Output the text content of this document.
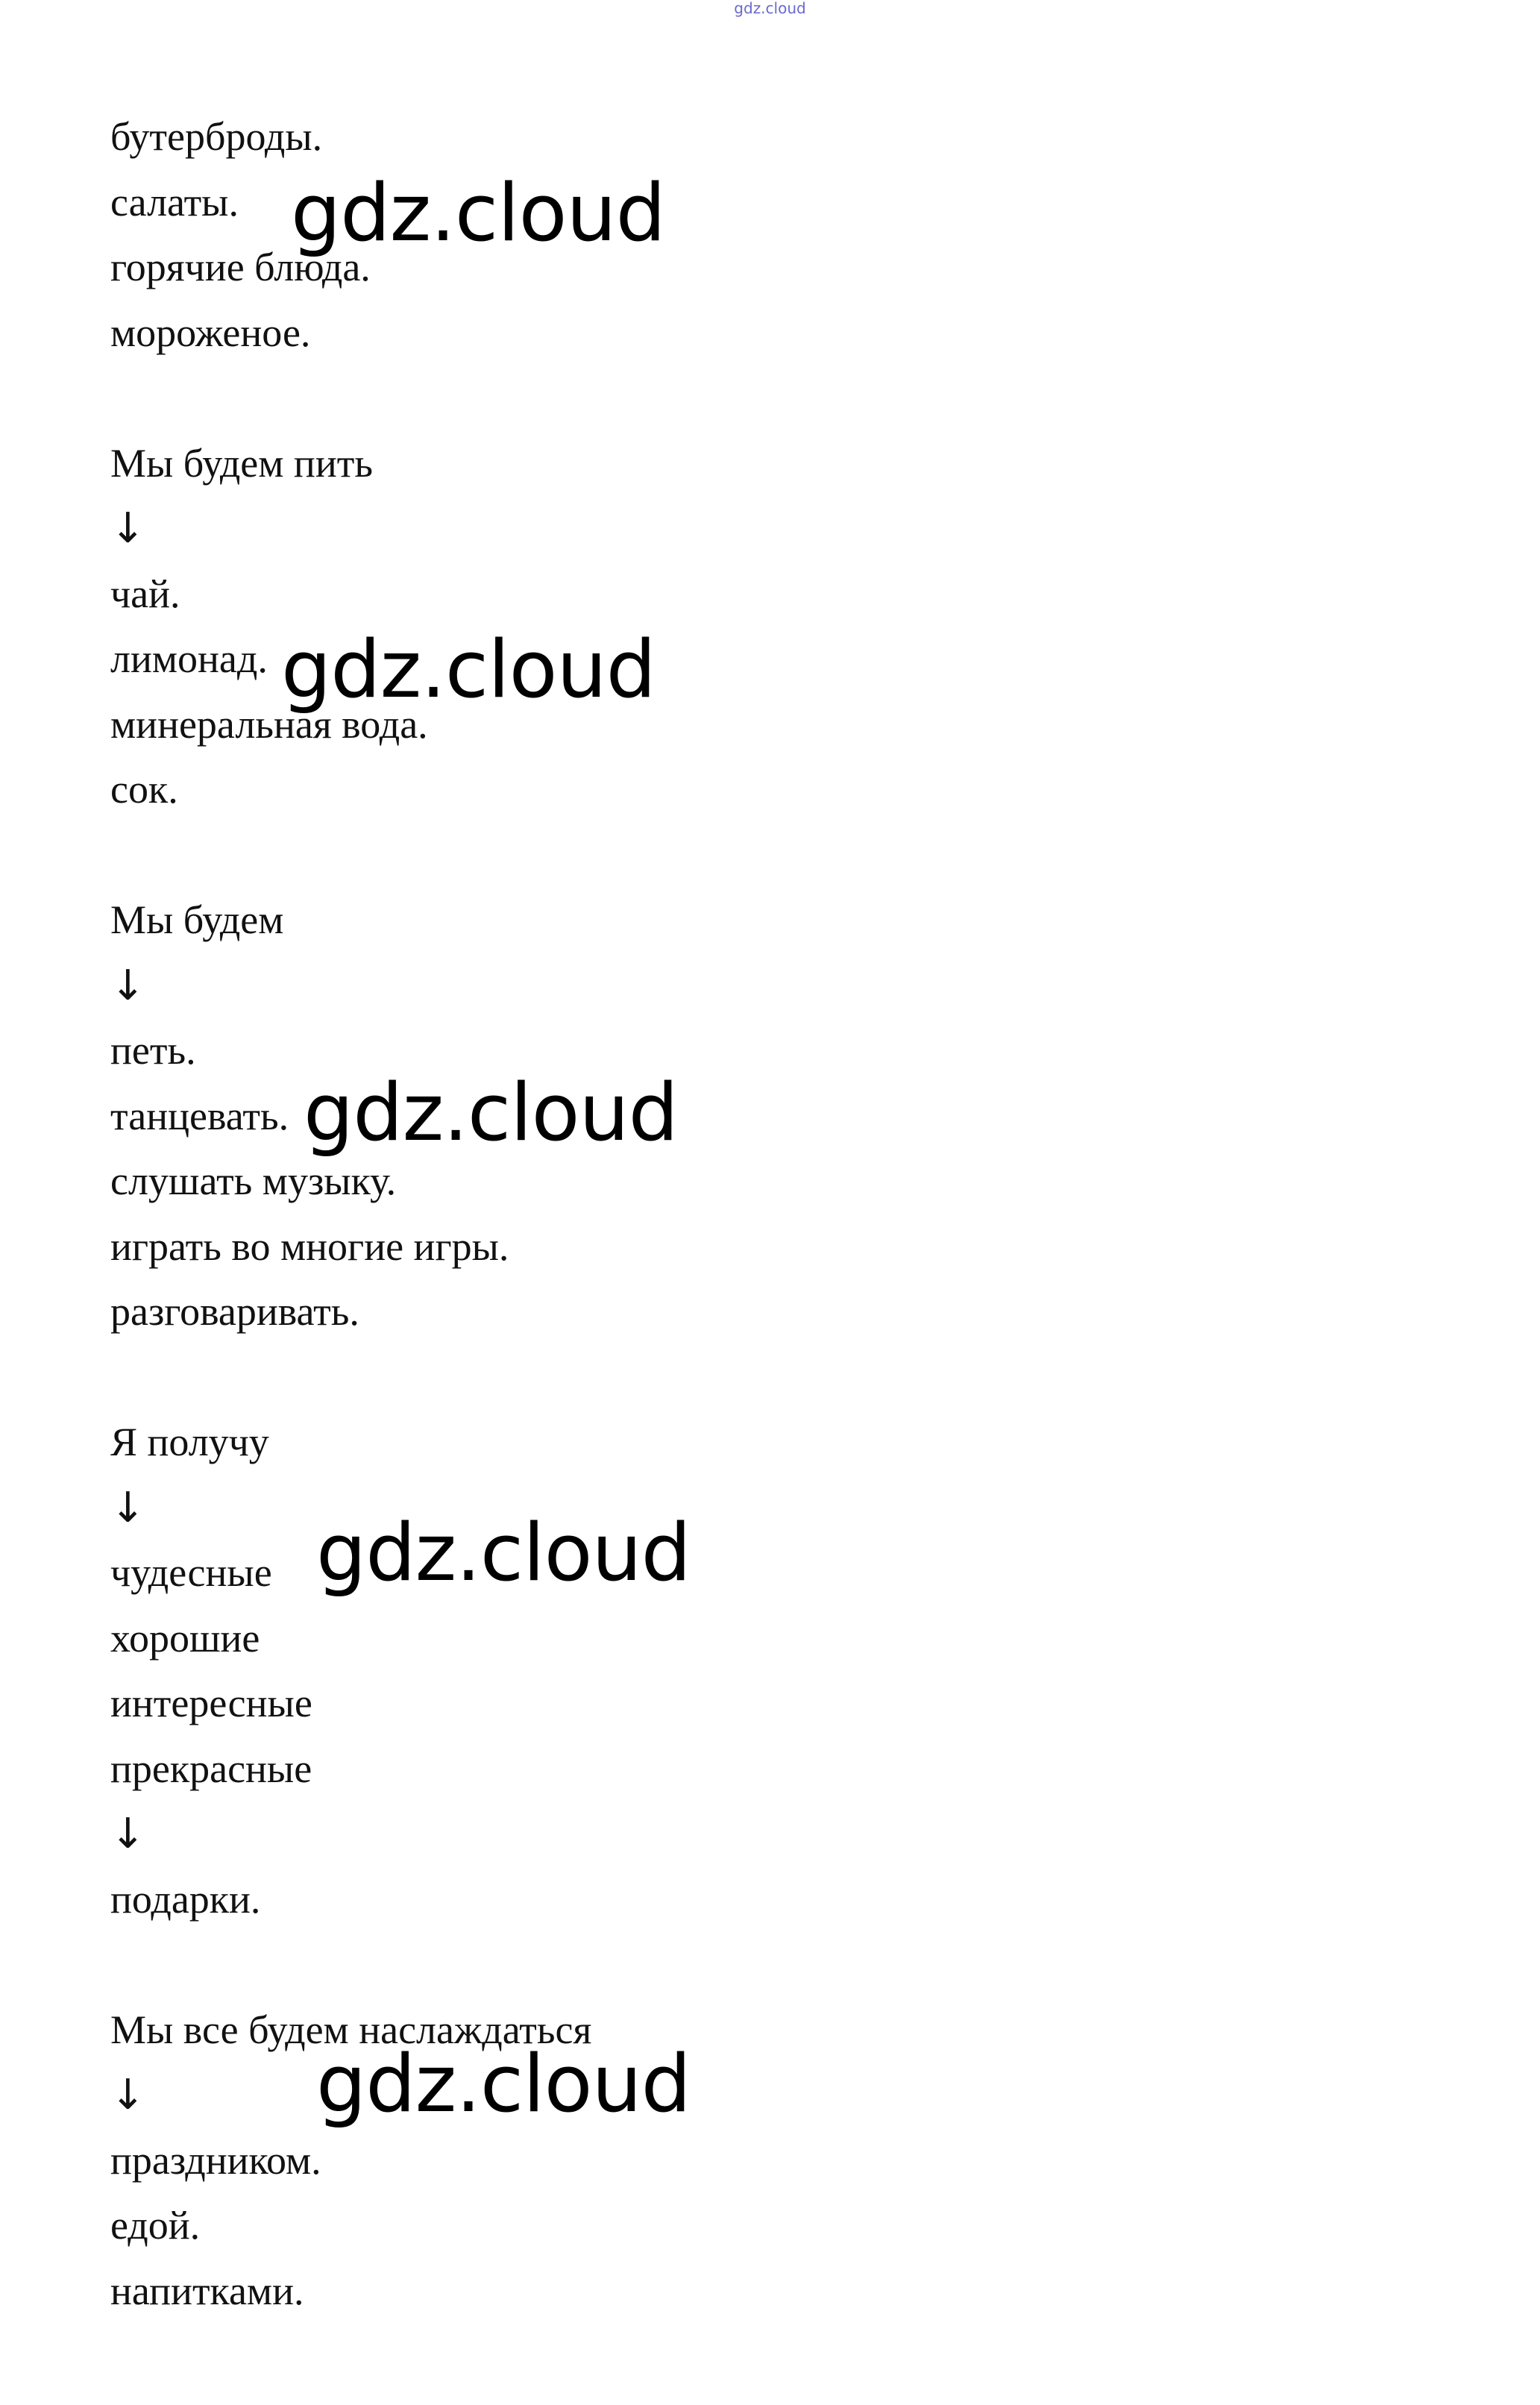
gdz.cloud
бутерброды.
салаты.
горячие блюда.
мороженое.
Мы будем пить
↓
чай.
лимонад.
минеральная вода.
сок.
Мы будем
↓
петь.
танцевать.
слушать музыку.
играть во многие игры.
разговаривать.
Я получу
↓
чудесные
хорошие
интересные
прекрасные
↓
подарки.
Мы все будем наслаждаться
↓
праздником.
едой.
напитками.
gdz.cloud
gdz.cloud
gdz.cloud
gdz.cloud
gdz.cloud
